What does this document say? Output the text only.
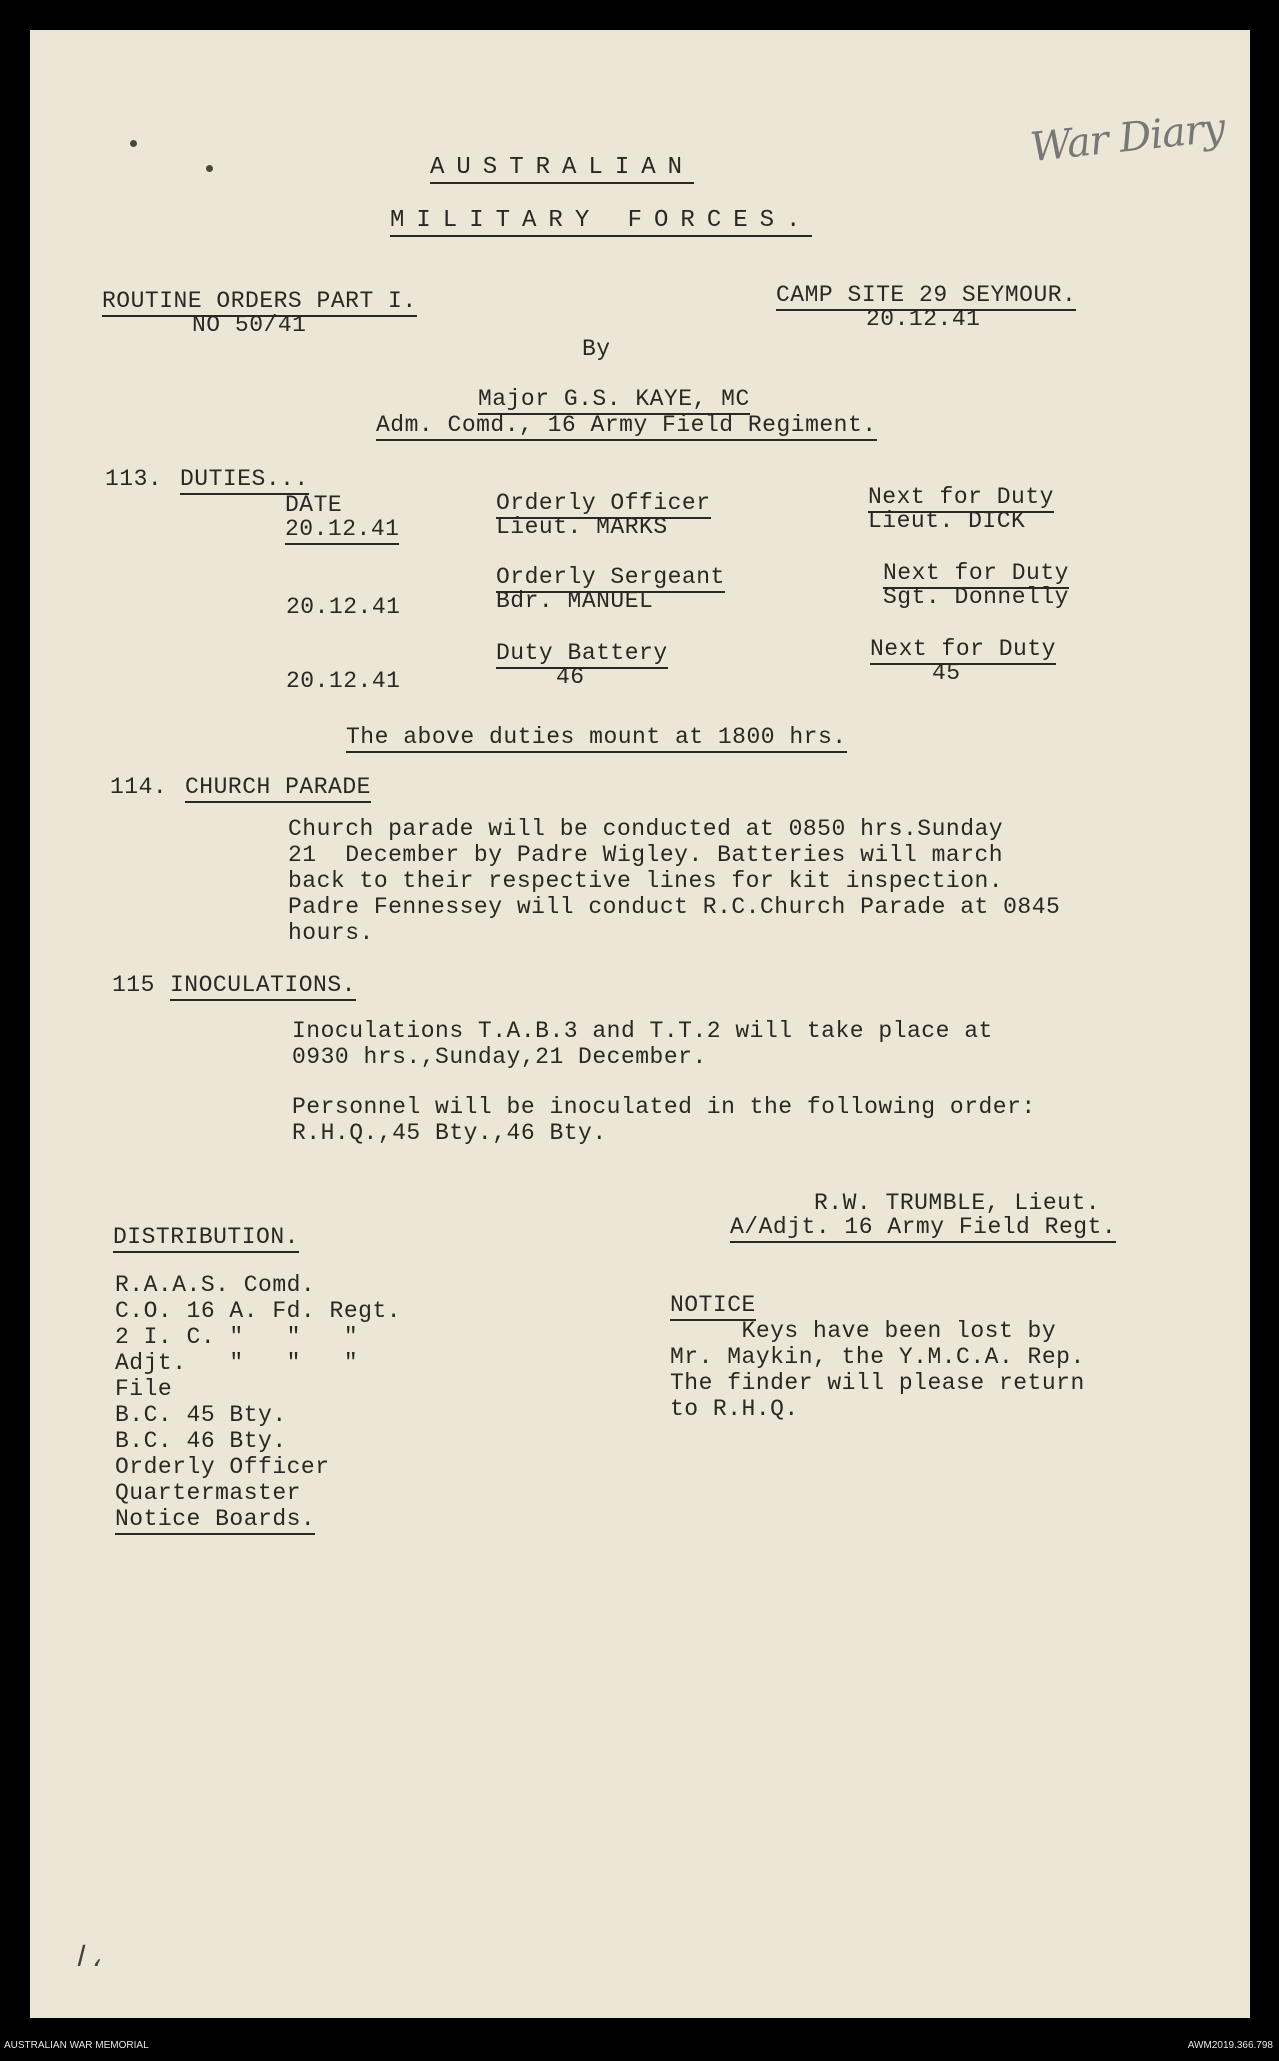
War Diary
AUSTRALIAN
MILITARY FORCES.
ROUTINE ORDERS PART I.
NO 50/41
CAMP SITE 29 SEYMOUR.
20.12.41
By
Major G.S. KAYE, MC
Adm. Comd., 16 Army Field Regiment.
113. DUTIES...
DATE
20.12.41
Orderly Officer
Lieut. MARKS
Next for Duty
Lieut. DICK
20.12.41
Orderly Sergeant
Bdr. MANUEL
Next for Duty
Sgt. Donnelly
20.12.41
Duty Battery
46
Next for Duty
45
The above duties mount at 1800 hrs.
114. CHURCH PARADE
Church parade will be conducted at 0850 hrs.Sunday
21  December by Padre Wigley. Batteries will march
back to their respective lines for kit inspection.
Padre Fennessey will conduct R.C.Church Parade at 0845
hours.
115 INOCULATIONS.
Inoculations T.A.B.3 and T.T.2 will take place at
0930 hrs.,Sunday,21 December.
Personnel will be inoculated in the following order:
R.H.Q.,45 Bty.,46 Bty.
R.W. TRUMBLE, Lieut.
A/Adjt. 16 Army Field Regt.
DISTRIBUTION.
R.A.A.S. Comd.
C.O. 16 A. Fd. Regt.
2 I. C. "   "   "
Adjt.   "   "   "
File
B.C. 45 Bty.
B.C. 46 Bty.
Orderly Officer
Quartermaster
Notice Boards.
NOTICE
Keys have been lost by
Mr. Maykin, the Y.M.C.A. Rep.
The finder will please return
to R.H.Q.
ا ،
AUSTRALIAN WAR MEMORIAL	AWM2019.366.798
